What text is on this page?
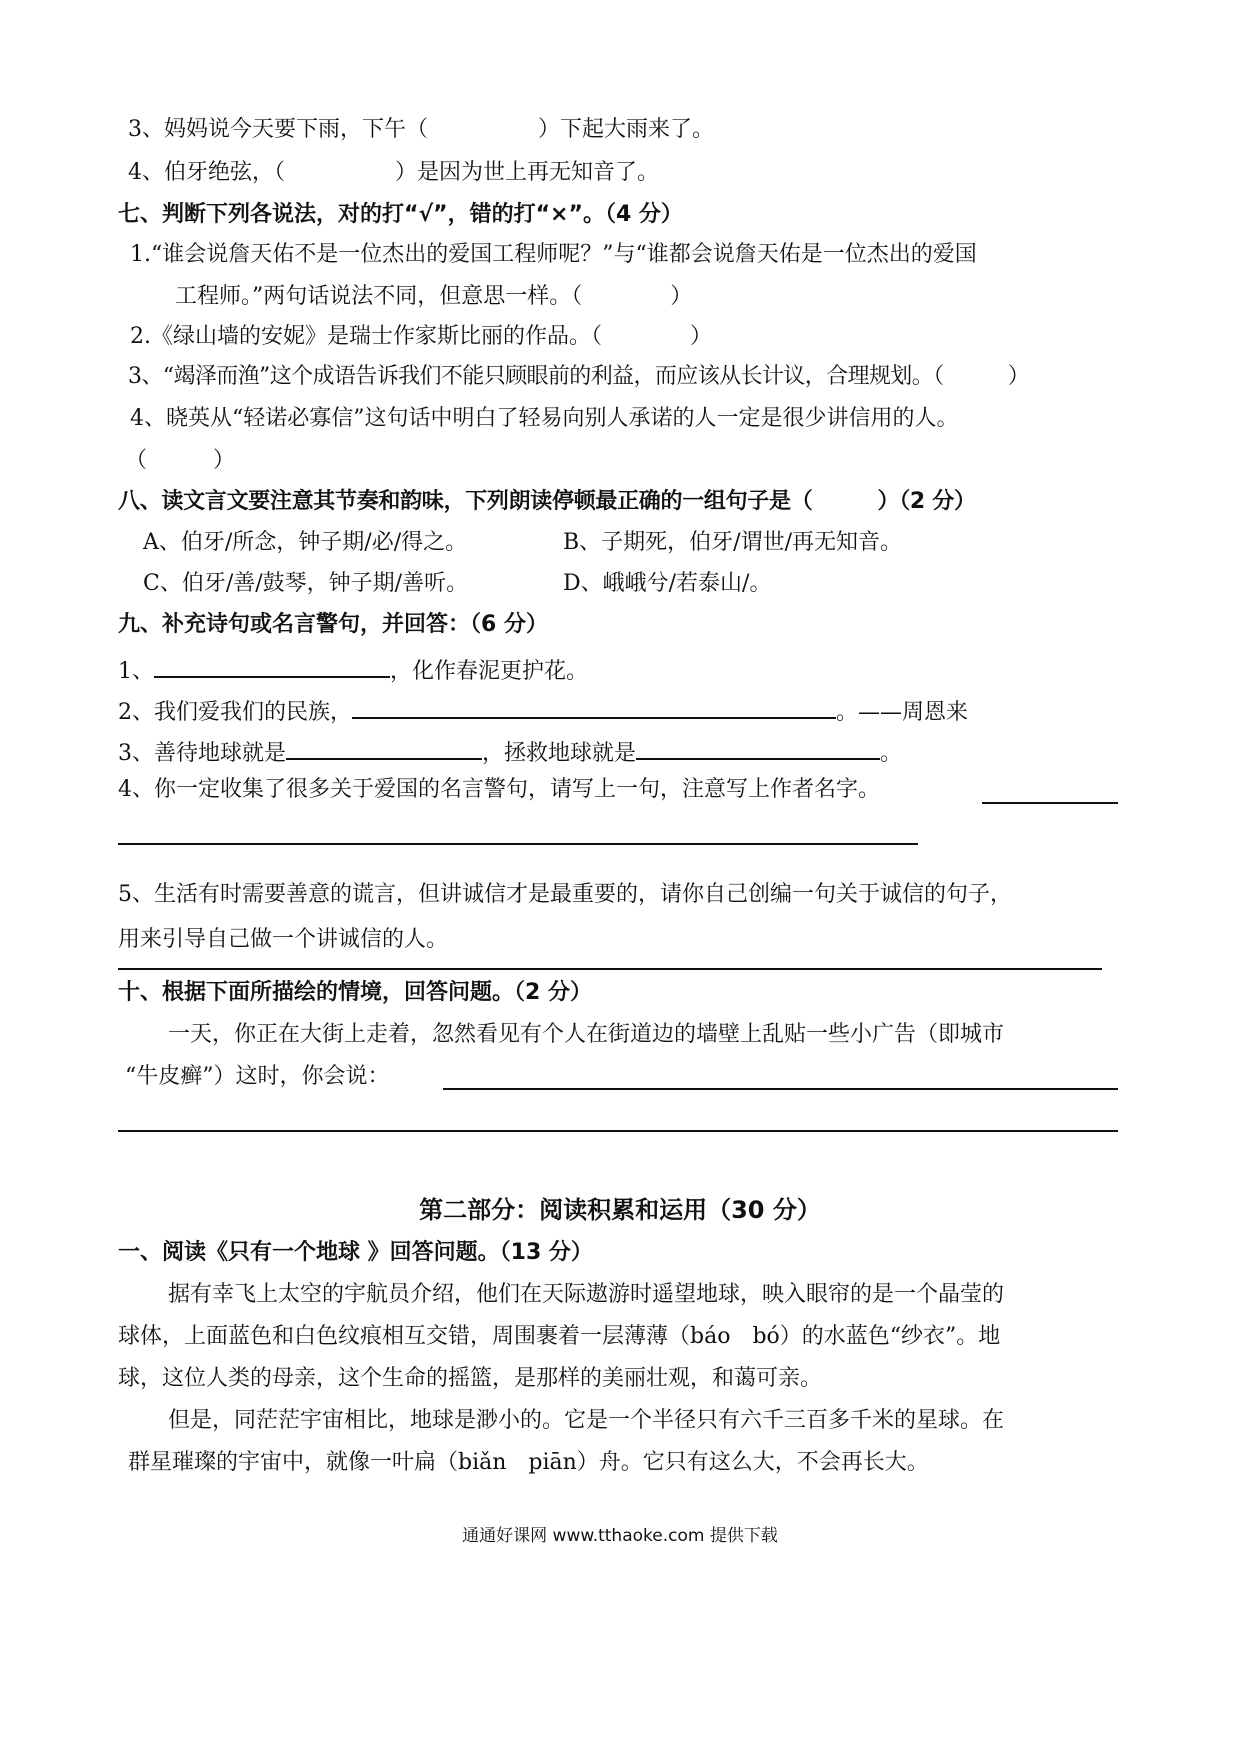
3、妈妈说今天要下雨，下午（　　　　　）下起大雨来了。
4、伯牙绝弦，（　　　　　）是因为世上再无知音了。
七、判断下列各说法，对的打“√”，错的打“×”。（4 分）
1.“谁会说詹天佑不是一位杰出的爱国工程师呢？”与“谁都会说詹天佑是一位杰出的爱国
工程师。”两句话说法不同，但意思一样。（　　　　）
2.《绿山墙的安妮》是瑞士作家斯比丽的作品。（　　　　）
3、“竭泽而渔”这个成语告诉我们不能只顾眼前的利益，而应该从长计议，合理规划。（　　　）
4、晓英从“轻诺必寡信”这句话中明白了轻易向别人承诺的人一定是很少讲信用的人。
（　　　）
八、读文言文要注意其节奏和韵味，下列朗读停顿最正确的一组句子是（　　　）（2 分）
A、伯牙/所念，钟子期/必/得之。	B、子期死，伯牙/谓世/再无知音。
C、伯牙/善/鼓琴，钟子期/善听。	D、峨峨兮/若泰山/。
九、补充诗句或名言警句，并回答：（6 分）
1、	，化作春泥更护花。
2、我们爱我们的民族，	。——周恩来
3、善待地球就是	，拯救地球就是	。
4、你一定收集了很多关于爱国的名言警句，请写上一句，注意写上作者名字。
5、生活有时需要善意的谎言，但讲诚信才是最重要的，请你自己创编一句关于诚信的句子，
用来引导自己做一个讲诚信的人。
十、根据下面所描绘的情境，回答问题。（2 分）
一天，你正在大街上走着，忽然看见有个人在街道边的墙壁上乱贴一些小广告（即城市
“牛皮癣”）这时，你会说：
第二部分：阅读积累和运用（30 分）
一、阅读《只有一个地球 》回答问题。（13 分）
据有幸飞上太空的宇航员介绍，他们在天际遨游时遥望地球，映入眼帘的是一个晶莹的
球体，上面蓝色和白色纹痕相互交错，周围裹着一层薄薄（báo　bó）的水蓝色“纱衣”。地
球，这位人类的母亲，这个生命的摇篮，是那样的美丽壮观，和蔼可亲。
但是，同茫茫宇宙相比，地球是渺小的。它是一个半径只有六千三百多千米的星球。在
群星璀璨的宇宙中，就像一叶扁（biǎn　piān）舟。它只有这么大，不会再长大。
通通好课网 www.tthaoke.com 提供下载
